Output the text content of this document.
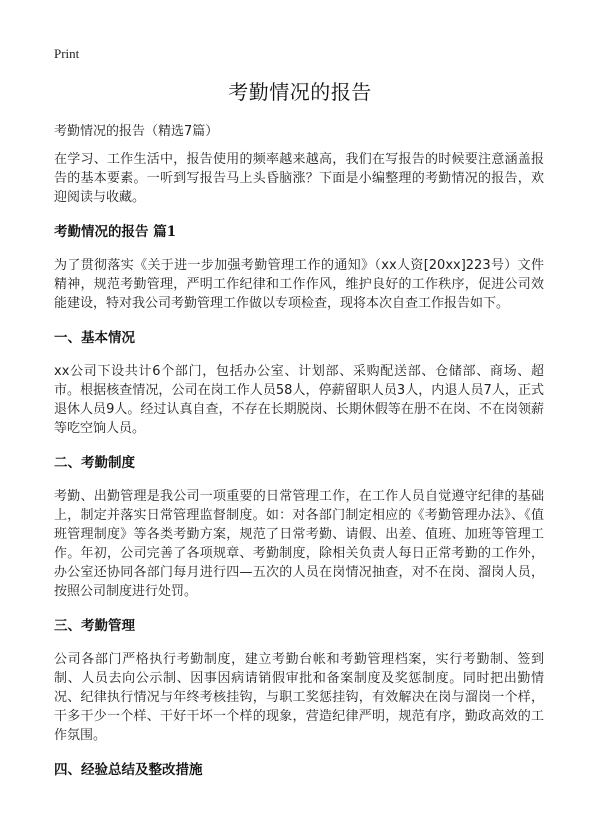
Print
考勤情况的报告
考勤情况的报告（精选7篇）

在学习、工作生活中，报告使用的频率越来越高，我们在写报告的时候要注意涵盖报告的基本要素。一听到写报告马上头昏脑涨？下面是小编整理的考勤情况的报告，欢迎阅读与收藏。

考勤情况的报告 篇1

为了贯彻落实《关于进一步加强考勤管理工作的通知》（xx人资[20xx]223号）文件精神，规范考勤管理，严明工作纪律和工作作风，维护良好的工作秩序，促进公司效能建设，特对我公司考勤管理工作做以专项检查，现将本次自查工作报告如下。

一、基本情况

xx公司下设共计6个部门，包括办公室、计划部、采购配送部、仓储部、商场、超市。根据核查情况，公司在岗工作人员58人，停薪留职人员3人，内退人员7人，正式退休人员9人。经过认真自查，不存在长期脱岗、长期休假等在册不在岗、不在岗领薪等吃空饷人员。

二、考勤制度

考勤、出勤管理是我公司一项重要的日常管理工作，在工作人员自觉遵守纪律的基础上，制定并落实日常管理监督制度。如：对各部门制定相应的《考勤管理办法》、《值班管理制度》等各类考勤方案，规范了日常考勤、请假、出差、值班、加班等管理工作。年初，公司完善了各项规章、考勤制度，除相关负责人每日正常考勤的工作外，办公室还协同各部门每月进行四—五次的人员在岗情况抽查，对不在岗、溜岗人员，按照公司制度进行处罚。

三、考勤管理

公司各部门严格执行考勤制度，建立考勤台帐和考勤管理档案，实行考勤制、签到制、人员去向公示制、因事因病请销假审批和备案制度及奖惩制度。同时把出勤情况、纪律执行情况与年终考核挂钩，与职工奖惩挂钩，有效解决在岗与溜岗一个样，干多干少一个样、干好干坏一个样的现象，营造纪律严明，规范有序，勤政高效的工作氛围。

四、经验总结及整改措施
